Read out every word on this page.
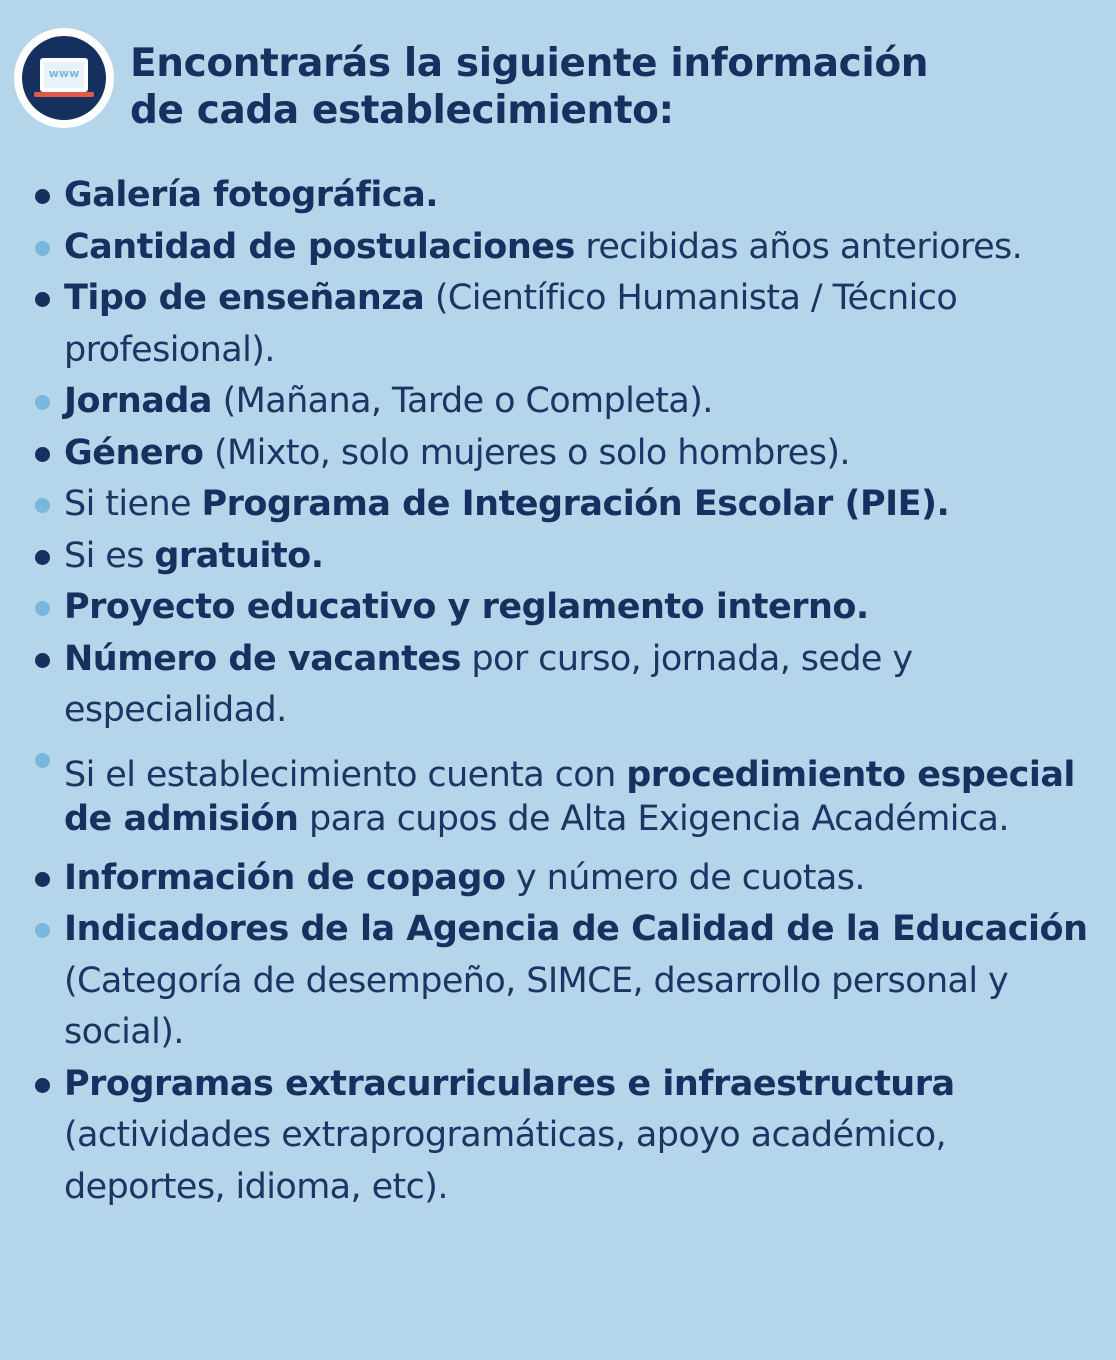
www Encontrarás la siguiente información
de cada establecimiento:
Galería fotográfica.
Cantidad de postulaciones recibidas años anteriores.
Tipo de enseñanza (Científico Humanista / Técnico profesional).
Jornada (Mañana, Tarde o Completa).
Género (Mixto, solo mujeres o solo hombres).
Si tiene Programa de Integración Escolar (PIE).
Si es gratuito.
Proyecto educativo y reglamento interno.
Número de vacantes por curso, jornada, sede y especialidad.
Si el establecimiento cuenta con procedimiento especial de admisión para cupos de Alta Exigencia Académica.
Información de copago y número de cuotas.
Indicadores de la Agencia de Calidad de la Educación (Categoría de desempeño, SIMCE, desarrollo personal y social).
Programas extracurriculares e infraestructura (actividades extraprogramáticas, apoyo académico, deportes, idioma, etc).
